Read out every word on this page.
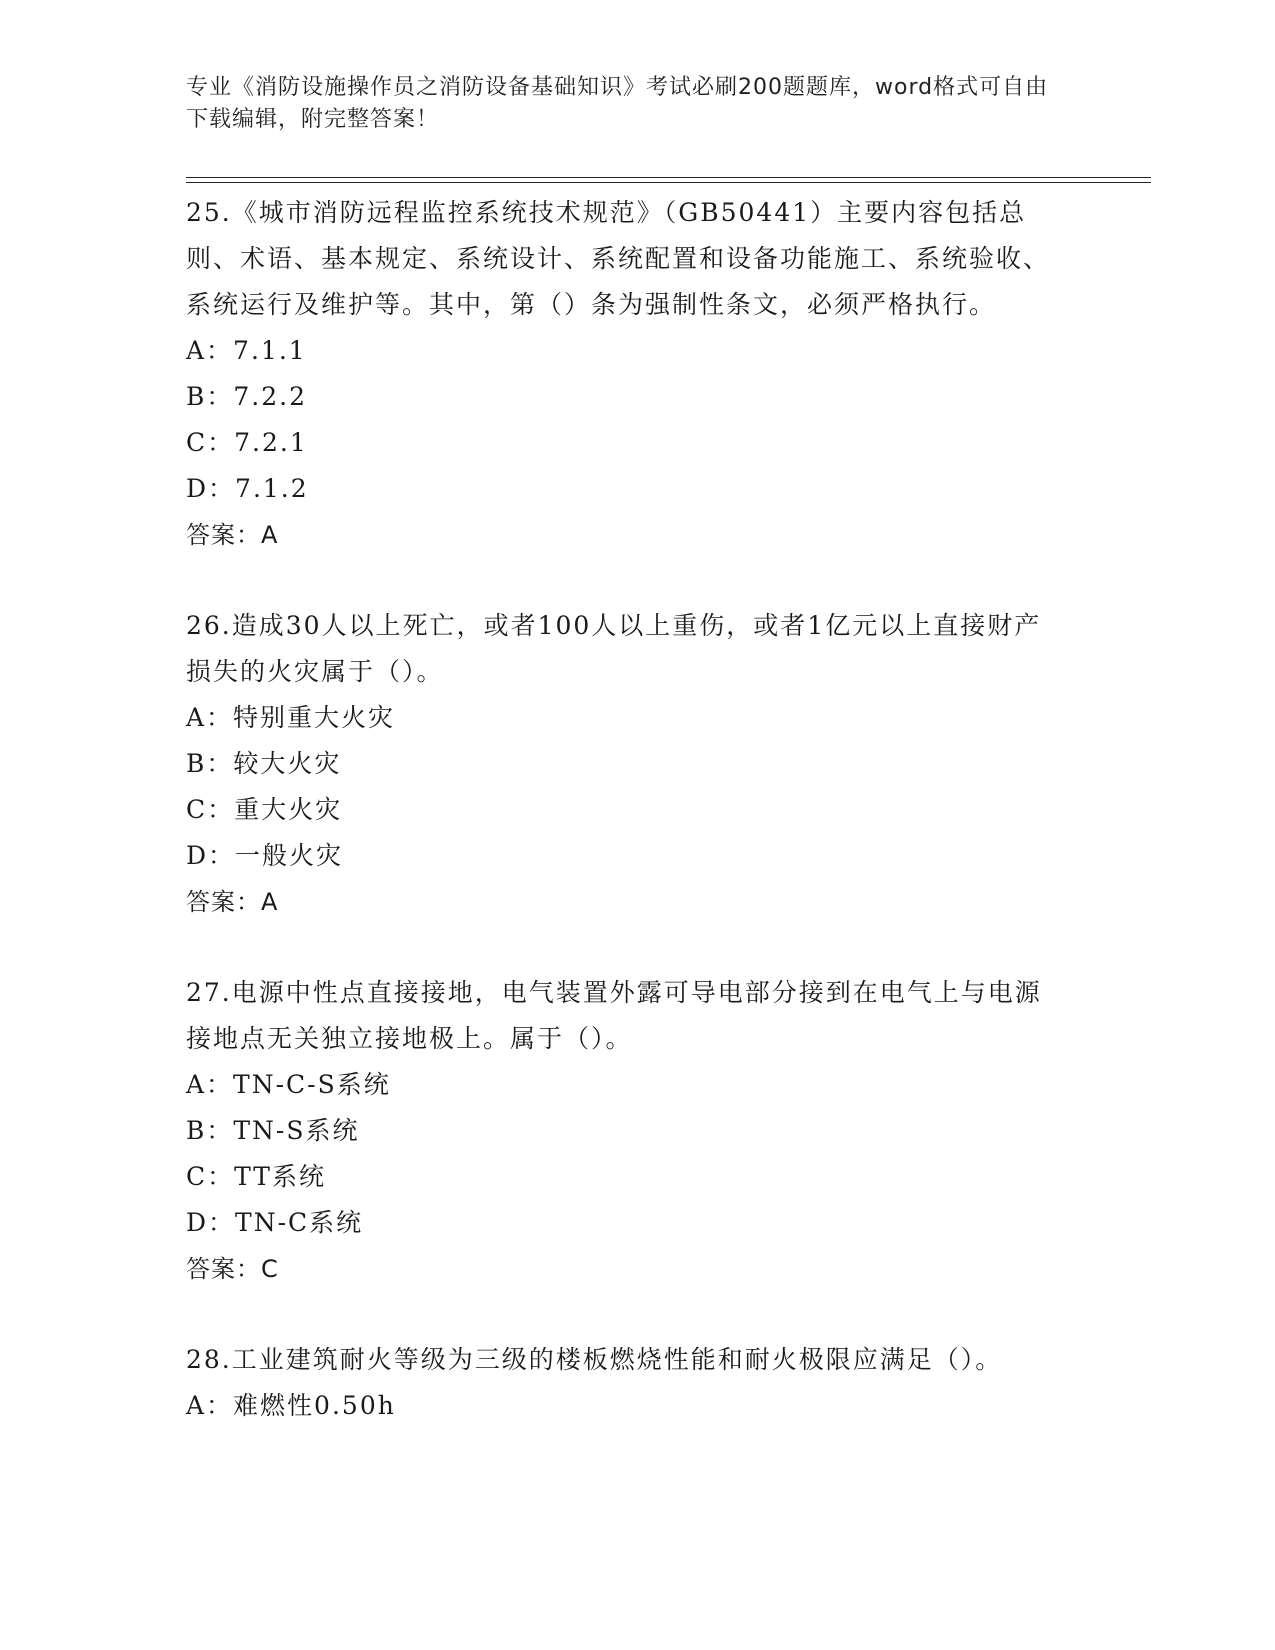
专业《消防设施操作员之消防设备基础知识》考试必刷200题题库，word格式可自由下载编辑，附完整答案！
25.《城市消防远程监控系统技术规范》（GB50441）主要内容包括总则、术语、基本规定、系统设计、系统配置和设备功能施工、系统验收、系统运行及维护等。其中，第（）条为强制性条文，必须严格执行。
A：7.1.1
B：7.2.2
C：7.2.1
D：7.1.2
答案：A
26.造成30人以上死亡，或者100人以上重伤，或者1亿元以上直接财产损失的火灾属于（）。
A：特别重大火灾
B：较大火灾
C：重大火灾
D：一般火灾
答案：A
27.电源中性点直接接地，电气装置外露可导电部分接到在电气上与电源接地点无关独立接地极上。属于（）。
A：TN-C-S系统
B：TN-S系统
C：TT系统
D：TN-C系统
答案：C
28.工业建筑耐火等级为三级的楼板燃烧性能和耐火极限应满足（）。
A：难燃性0.50h
